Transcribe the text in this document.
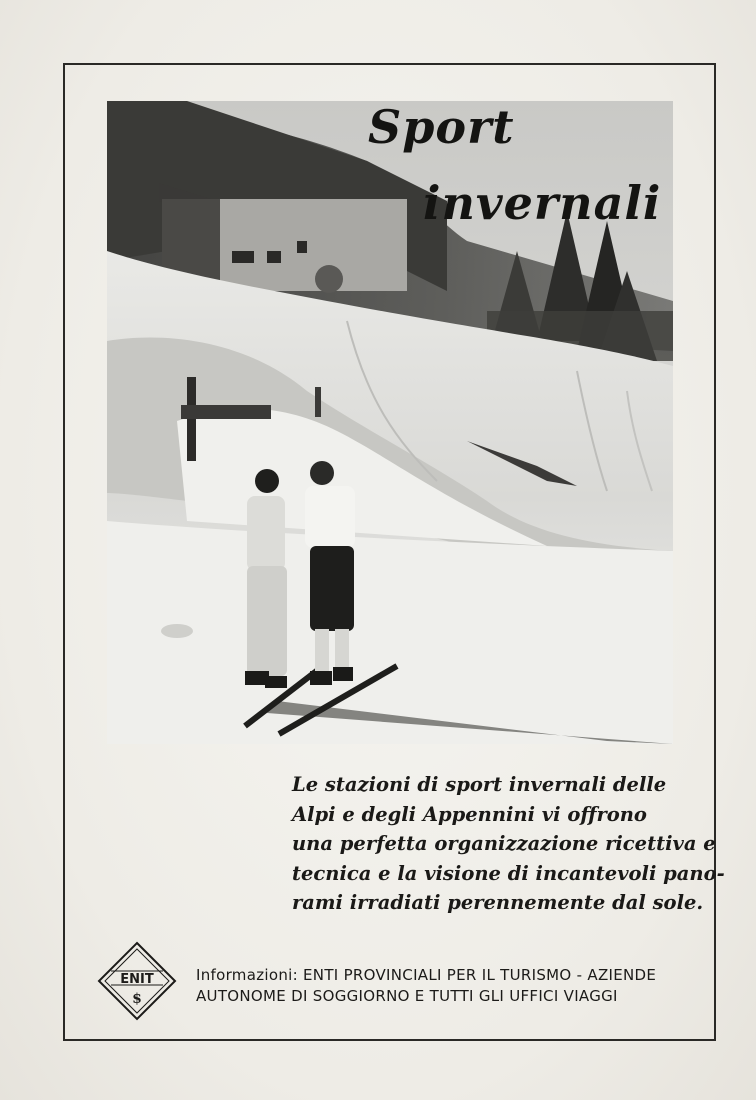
Sport
invernali
Le stazioni di sport invernali delle
Alpi e degli Appennini vi offrono
una perfetta organizzazione ricettiva e
tecnica e la visione di incantevoli pano-
rami irradiati perennemente dal sole.
ENIT
$
Informazioni: ENTI PROVINCIALI PER IL TURISMO - AZIENDE
AUTONOME DI SOGGIORNO E TUTTI GLI UFFICI VIAGGI
